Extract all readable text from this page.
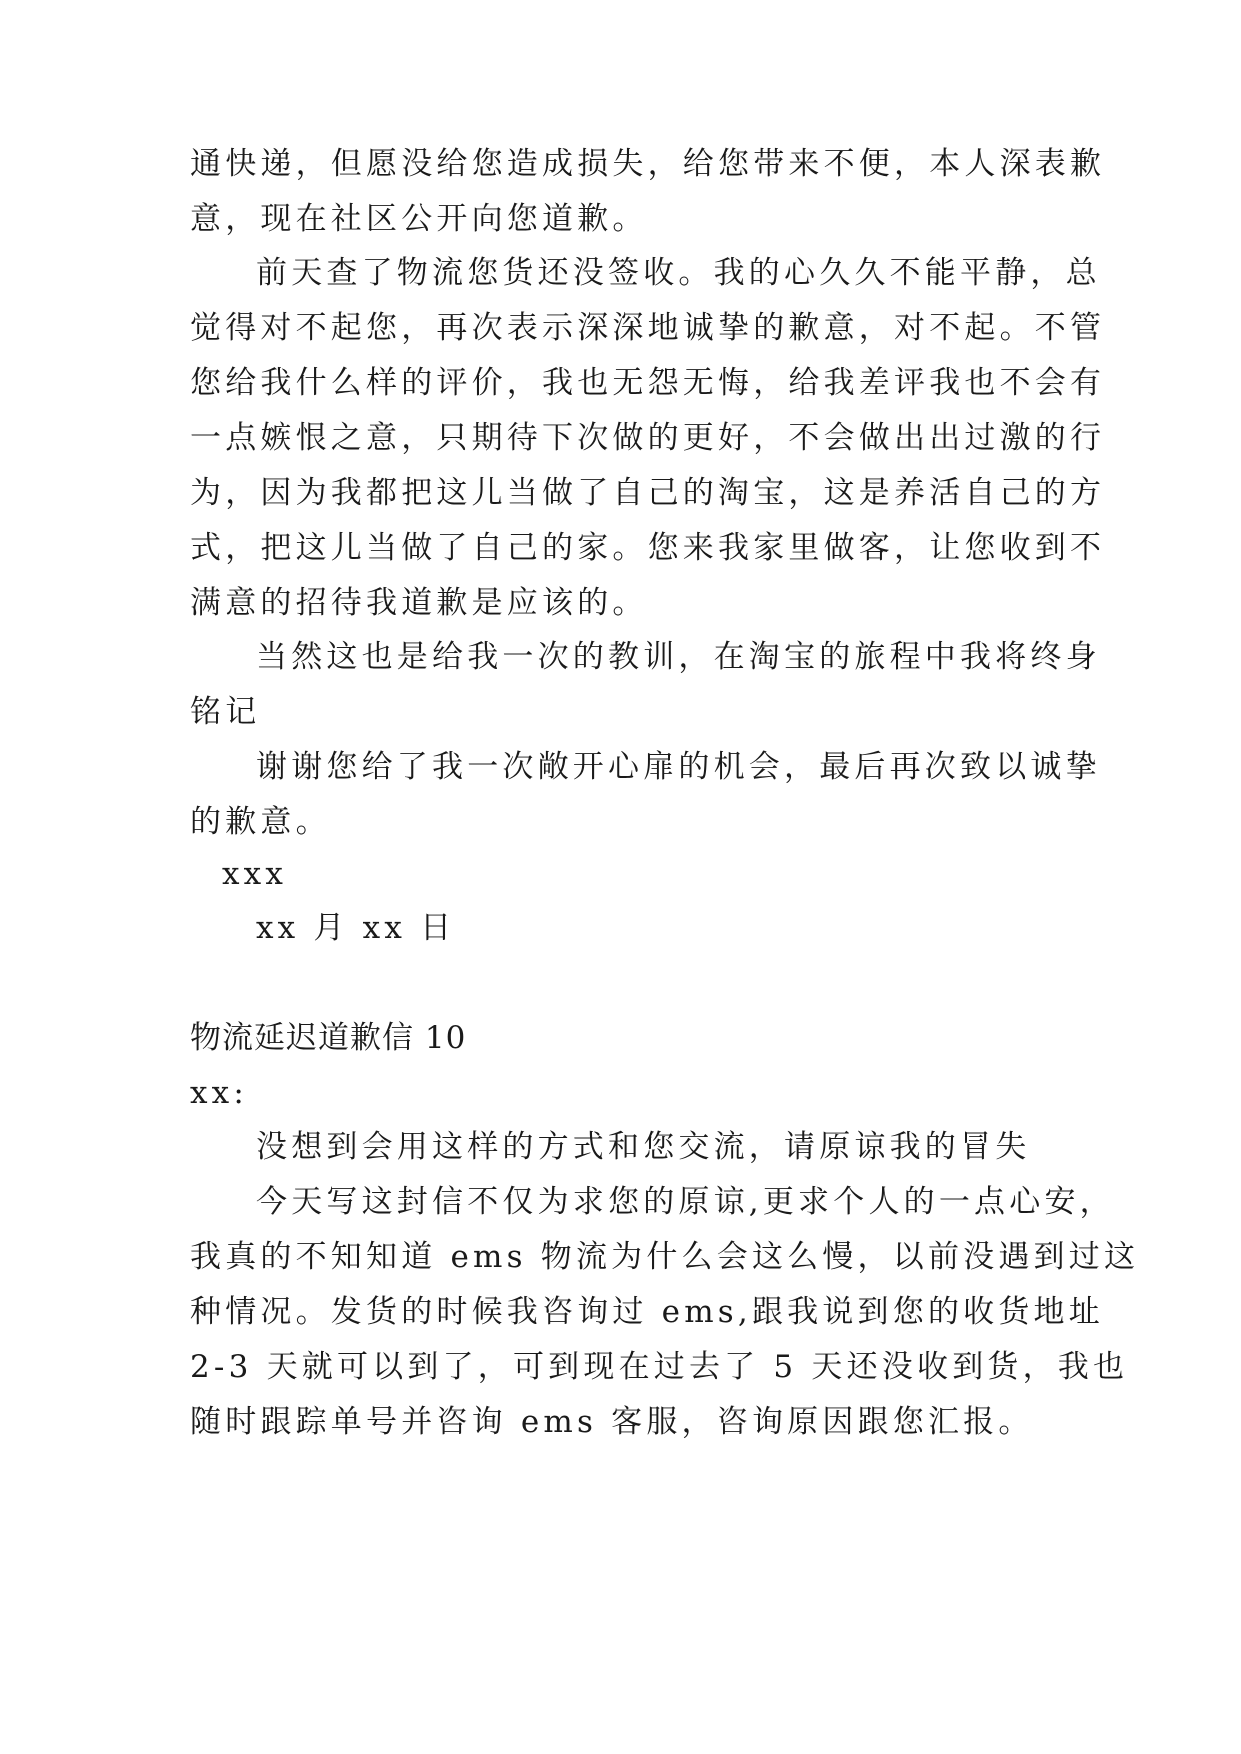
通快递，但愿没给您造成损失，给您带来不便，本人深表歉
意，现在社区公开向您道歉。
前天查了物流您货还没签收。我的心久久不能平静，总
觉得对不起您，再次表示深深地诚挚的歉意，对不起。不管
您给我什么样的评价，我也无怨无悔，给我差评我也不会有
一点嫉恨之意，只期待下次做的更好，不会做出出过激的行
为，因为我都把这儿当做了自己的淘宝，这是养活自己的方
式，把这儿当做了自己的家。您来我家里做客，让您收到不
满意的招待我道歉是应该的。
当然这也是给我一次的教训，在淘宝的旅程中我将终身
铭记
谢谢您给了我一次敞开心扉的机会，最后再次致以诚挚
的歉意。
xxx
xx 月 xx 日
物流延迟道歉信 10
xx:
没想到会用这样的方式和您交流，请原谅我的冒失
今天写这封信不仅为求您的原谅,更求个人的一点心安，
我真的不知知道 ems 物流为什么会这么慢，以前没遇到过这
种情况。发货的时候我咨询过 ems,跟我说到您的收货地址
2-3 天就可以到了，可到现在过去了 5 天还没收到货，我也
随时跟踪单号并咨询 ems 客服，咨询原因跟您汇报。
